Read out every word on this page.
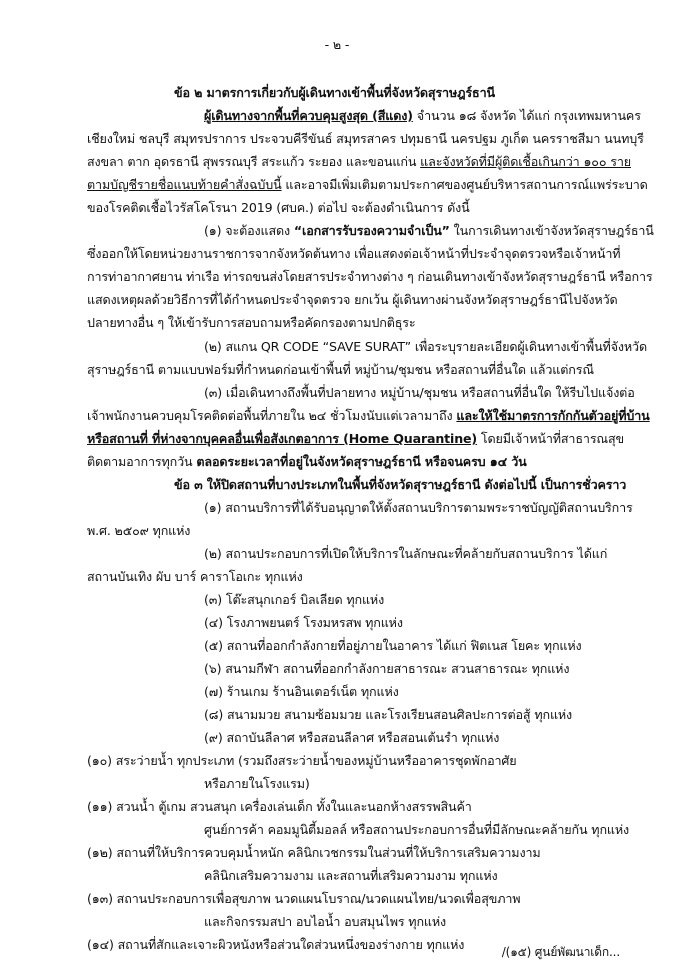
- ๒ -
ข้อ ๒ มาตรการเกี่ยวกับผู้เดินทางเข้าพื้นที่จังหวัดสุราษฎร์ธานี
ผู้เดินทางจากพื้นที่ควบคุมสูงสุด (สีแดง) จำนวน ๑๘ จังหวัด ได้แก่ กรุงเทพมหานคร
เชียงใหม่ ชลบุรี สมุทรปราการ ประจวบคีรีขันธ์ สมุทรสาคร ปทุมธานี นครปฐม ภูเก็ต นครราชสีมา นนทบุรี
สงขลา ตาก อุดรธานี สุพรรณบุรี สระแก้ว ระยอง และขอนแก่น และจังหวัดที่มีผู้ติดเชื้อเกินกว่า ๑๐๐ ราย
ตามบัญชีรายชื่อแนบท้ายคำสั่งฉบับนี้ และอาจมีเพิ่มเติมตามประกาศของศูนย์บริหารสถานการณ์แพร่ระบาด
ของโรคติดเชื้อไวรัสโคโรนา 2019 (ศบค.) ต่อไป จะต้องดำเนินการ ดังนี้
(๑) จะต้องแสดง “เอกสารรับรองความจำเป็น” ในการเดินทางเข้าจังหวัดสุราษฎร์ธานี
ซึ่งออกให้โดยหน่วยงานราชการจากจังหวัดต้นทาง เพื่อแสดงต่อเจ้าหน้าที่ประจำจุดตรวจหรือเจ้าหน้าที่
การท่าอากาศยาน ท่าเรือ ท่ารถขนส่งโดยสารประจำทางต่าง ๆ ก่อนเดินทางเข้าจังหวัดสุราษฎร์ธานี หรือการ
แสดงเหตุผลด้วยวิธีการที่ได้กำหนดประจำจุดตรวจ ยกเว้น ผู้เดินทางผ่านจังหวัดสุราษฎร์ธานีไปจังหวัด
ปลายทางอื่น ๆ ให้เข้ารับการสอบถามหรือคัดกรองตามปกติธุระ
(๒) สแกน QR CODE “SAVE SURAT” เพื่อระบุรายละเอียดผู้เดินทางเข้าพื้นที่จังหวัด
สุราษฎร์ธานี ตามแบบฟอร์มที่กำหนดก่อนเข้าพื้นที่ หมู่บ้าน/ชุมชน หรือสถานที่อื่นใด แล้วแต่กรณี
(๓) เมื่อเดินทางถึงพื้นที่ปลายทาง หมู่บ้าน/ชุมชน หรือสถานที่อื่นใด ให้รีบไปแจ้งต่อ
เจ้าพนักงานควบคุมโรคติดต่อพื้นที่ภายใน ๒๔ ชั่วโมงนับแต่เวลามาถึง และให้ใช้มาตรการกักกันตัวอยู่ที่บ้าน
หรือสถานที่ ที่ห่างจากบุคคลอื่นเพื่อสังเกตอาการ (Home Quarantine) โดยมีเจ้าหน้าที่สาธารณสุข
ติดตามอาการทุกวัน ตลอดระยะเวลาที่อยู่ในจังหวัดสุราษฎร์ธานี หรือจนครบ ๑๔ วัน
ข้อ ๓ ให้ปิดสถานที่บางประเภทในพื้นที่จังหวัดสุราษฎร์ธานี ดังต่อไปนี้ เป็นการชั่วคราว
(๑) สถานบริการที่ได้รับอนุญาตให้ตั้งสถานบริการตามพระราชบัญญัติสถานบริการ
พ.ศ. ๒๕๐๙ ทุกแห่ง
(๒) สถานประกอบการที่เปิดให้บริการในลักษณะที่คล้ายกับสถานบริการ ได้แก่
สถานบันเทิง ผับ บาร์ คาราโอเกะ ทุกแห่ง
(๓) โต๊ะสนุกเกอร์ บิลเลียด ทุกแห่ง
(๔) โรงภาพยนตร์ โรงมหรสพ ทุกแห่ง
(๕) สถานที่ออกกำลังกายที่อยู่ภายในอาคาร ได้แก่ ฟิตเนส โยคะ ทุกแห่ง
(๖) สนามกีฬา สถานที่ออกกำลังกายสาธารณะ สวนสาธารณะ ทุกแห่ง
(๗) ร้านเกม ร้านอินเตอร์เน็ต ทุกแห่ง
(๘) สนามมวย สนามซ้อมมวย และโรงเรียนสอนศิลปะการต่อสู้ ทุกแห่ง
(๙) สถาบันลีลาศ หรือสอนลีลาศ หรือสอนเต้นรำ ทุกแห่ง
(๑๐) สระว่ายน้ำ ทุกประเภท (รวมถึงสระว่ายน้ำของหมู่บ้านหรืออาคารชุดพักอาศัย
หรือภายในโรงแรม)
(๑๑) สวนน้ำ ตู้เกม สวนสนุก เครื่องเล่นเด็ก ทั้งในและนอกห้างสรรพสินค้า
ศูนย์การค้า คอมมูนิตี้มอลล์ หรือสถานประกอบการอื่นที่มีลักษณะคล้ายกัน ทุกแห่ง
(๑๒) สถานที่ให้บริการควบคุมน้ำหนัก คลินิกเวชกรรมในส่วนที่ให้บริการเสริมความงาม
คลินิกเสริมความงาม และสถานที่เสริมความงาม ทุกแห่ง
(๑๓) สถานประกอบการเพื่อสุขภาพ นวดแผนโบราณ/นวดแผนไทย/นวดเพื่อสุขภาพ
และกิจกรรมสปา อบไอน้ำ อบสมุนไพร ทุกแห่ง
(๑๔) สถานที่สักและเจาะผิวหนังหรือส่วนใดส่วนหนึ่งของร่างกาย ทุกแห่ง	/(๑๕) ศูนย์พัฒนาเด็ก...
